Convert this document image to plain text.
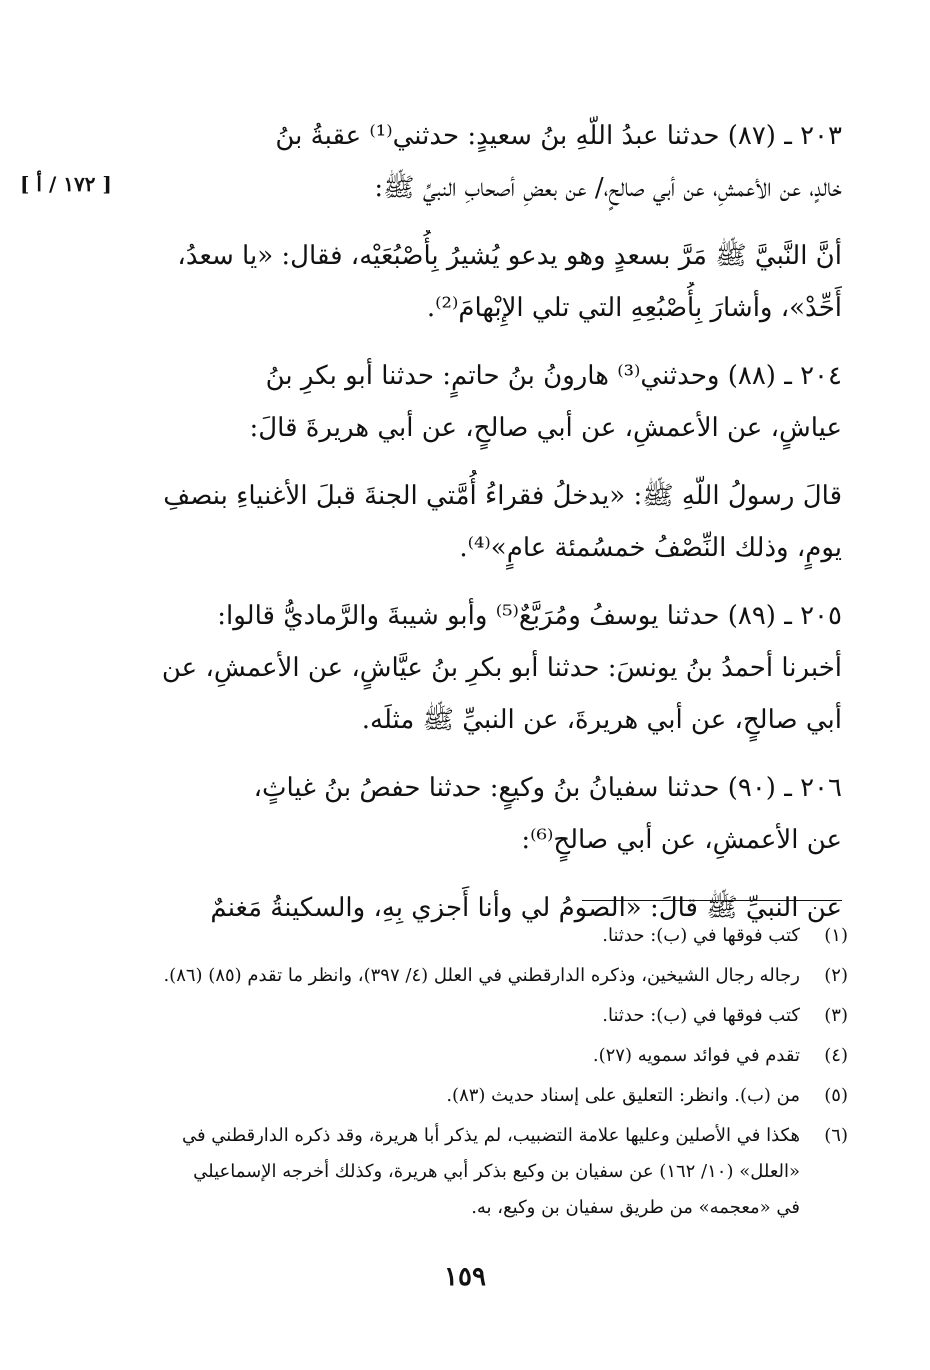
[ ١٧٢ / أ ]

٢٠٣ ـ (٨٧) حدثنا عبدُ اللّهِ بنُ سعيدٍ: حدثني⁽¹⁾ عقبةُ بنُ
خالدٍ، عن الأعمشِ، عن أبي صالحٍ،/ عن بعضِ أصحابِ النبيِّ ﷺ:

أنَّ النَّبيَّ ﷺ مَرَّ بسعدٍ وهو يدعو يُشيرُ بِأُصْبُعَيْه، فقال: «يا سعدُ،
أَحِّدْ»، وأشارَ بِأُصْبُعِهِ التي تلي الإِبْهامَ⁽²⁾.

٢٠٤ ـ (٨٨) وحدثني⁽³⁾ هارونُ بنُ حاتمٍ: حدثنا أبو بكرِ بنُ
عياشٍ، عن الأعمشِ، عن أبي صالحٍ، عن أبي هريرةَ قالَ:

قالَ رسولُ اللّهِ ﷺ: «يدخلُ فقراءُ أُمَّتي الجنةَ قبلَ الأغنياءِ بنصفِ
يومٍ، وذلك النِّصْفُ خمسُمئة عامٍ»⁽⁴⁾.

٢٠٥ ـ (٨٩) حدثنا يوسفُ ومُرَبَّعٌ⁽⁵⁾ وأبو شيبةَ والرَّماديُّ قالوا:
أخبرنا أحمدُ بنُ يونسَ: حدثنا أبو بكرِ بنُ عيَّاشٍ، عن الأعمشِ، عن
أبي صالحٍ، عن أبي هريرةَ، عن النبيِّ ﷺ مثلَه.

٢٠٦ ـ (٩٠) حدثنا سفيانُ بنُ وكيعٍ: حدثنا حفصُ بنُ غياثٍ،
عن الأعمشِ، عن أبي صالحٍ⁽⁶⁾:

عن النبيِّ ﷺ قالَ: «الصومُ لي وأنا أَجزي بِهِ، والسكينةُ مَغنمٌ

(١)
كتب فوقها في (ب): حدثنا.
(٢)
رجاله رجال الشيخين، وذكره الدارقطني في العلل (٤/ ٣٩٧)، وانظر ما تقدم (٨٥) (٨٦).
(٣)
كتب فوقها في (ب): حدثنا.
(٤)
تقدم في فوائد سمويه (٢٧).
(٥)
من (ب). وانظر: التعليق على إسناد حديث (٨٣).
(٦)
هكذا في الأصلين وعليها علامة التضبيب، لم يذكر أبا هريرة، وقد ذكره الدارقطني في
«العلل» (١٠/ ١٦٢) عن سفيان بن وكيع بذكر أبي هريرة، وكذلك أخرجه الإسماعيلي
في «معجمه» من طريق سفيان بن وكيع، به.
١٥٩
